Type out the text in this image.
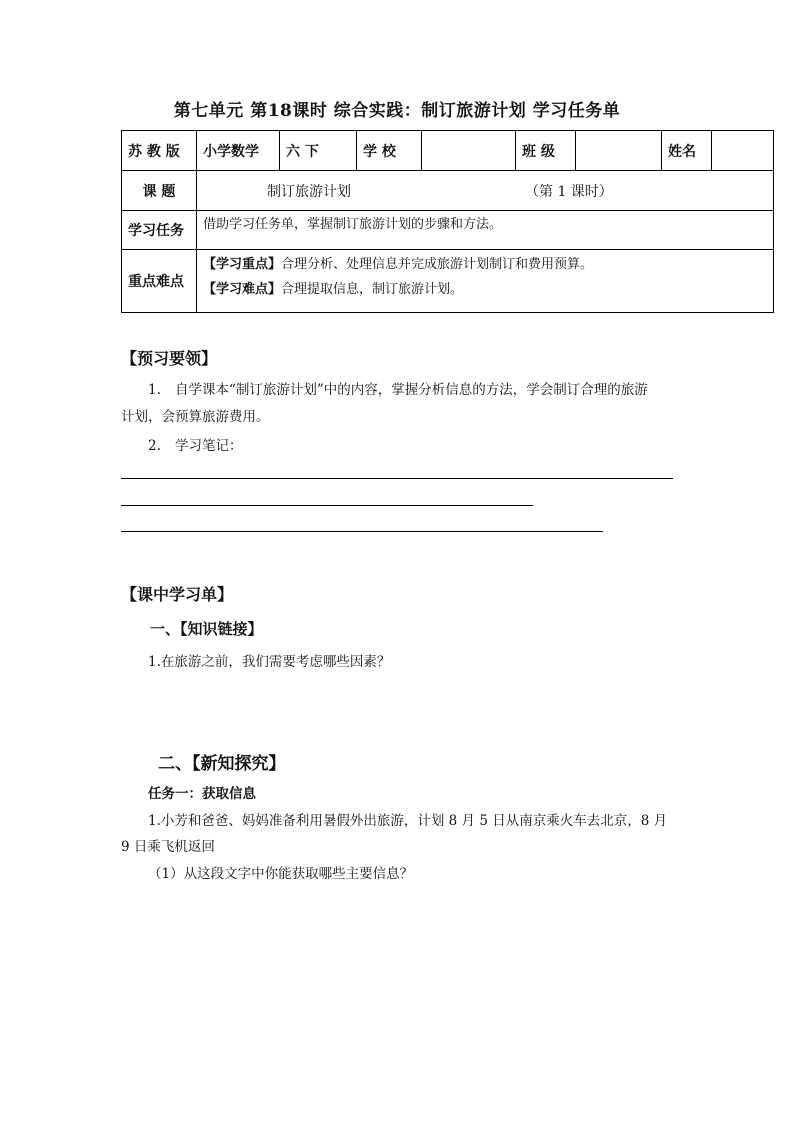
第七单元 第18课时 综合实践：制订旅游计划 学习任务单
苏 教 版	小学数学	六 下	学 校		班 级		姓名	
课 题	制订旅游计划 （第 1 课时）							
学习任务	借助学习任务单，掌握制订旅游计划的步骤和方法。							
重点难点	【学习重点】合理分析、处理信息并完成旅游计划制订和费用预算。
【学习难点】合理提取信息，制订旅游计划。							
【预习要领】
1. 自学课本“制订旅游计划”中的内容，掌握分析信息的方法，学会制订合理的旅游
计划，会预算旅游费用。
2. 学习笔记：
【课中学习单】
一、【知识链接】
1.在旅游之前，我们需要考虑哪些因素？
二、【新知探究】
任务一：获取信息
1.小芳和爸爸、妈妈准备利用暑假外出旅游，计划 8 月 5 日从南京乘火车去北京，8 月
9 日乘飞机返回
（1）从这段文字中你能获取哪些主要信息？
